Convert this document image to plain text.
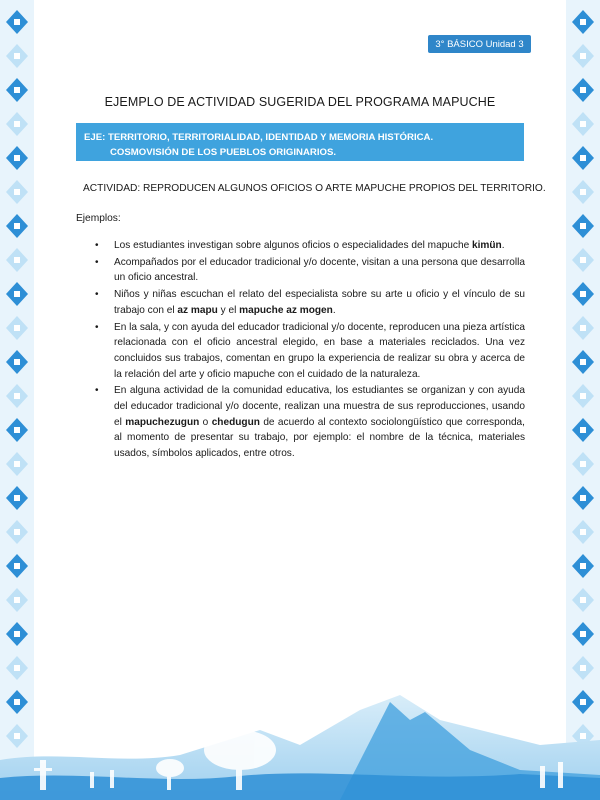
3° BÁSICO Unidad 3
EJEMPLO DE ACTIVIDAD SUGERIDA DEL PROGRAMA MAPUCHE
EJE: TERRITORIO, TERRITORIALIDAD, IDENTIDAD Y MEMORIA HISTÓRICA.
COSMOVISIÓN DE LOS PUEBLOS ORIGINARIOS.
ACTIVIDAD: REPRODUCEN ALGUNOS OFICIOS O ARTE MAPUCHE PROPIOS DEL TERRITORIO.
Ejemplos:
• Los estudiantes investigan sobre algunos oficios o especialidades del mapuche kimün.
• Acompañados por el educador tradicional y/o docente, visitan a una persona que desarrolla un oficio ancestral.
• Niños y niñas escuchan el relato del especialista sobre su arte u oficio y el vínculo de su trabajo con el az mapu y el mapuche az mogen.
• En la sala, y con ayuda del educador tradicional y/o docente, reproducen una pieza artística relacionada con el oficio ancestral elegido, en base a materiales reciclados. Una vez concluidos sus trabajos, comentan en grupo la experiencia de realizar su obra y acerca de la relación del arte y oficio mapuche con el cuidado de la naturaleza.
• En alguna actividad de la comunidad educativa, los estudiantes se organizan y con ayuda del educador tradicional y/o docente, realizan una muestra de sus reproducciones, usando el mapuchezugun o chedugun de acuerdo al contexto sociolongüístico que corresponda, al momento de presentar su trabajo, por ejemplo: el nombre de la técnica, materiales usados, símbolos aplicados, entre otros.
